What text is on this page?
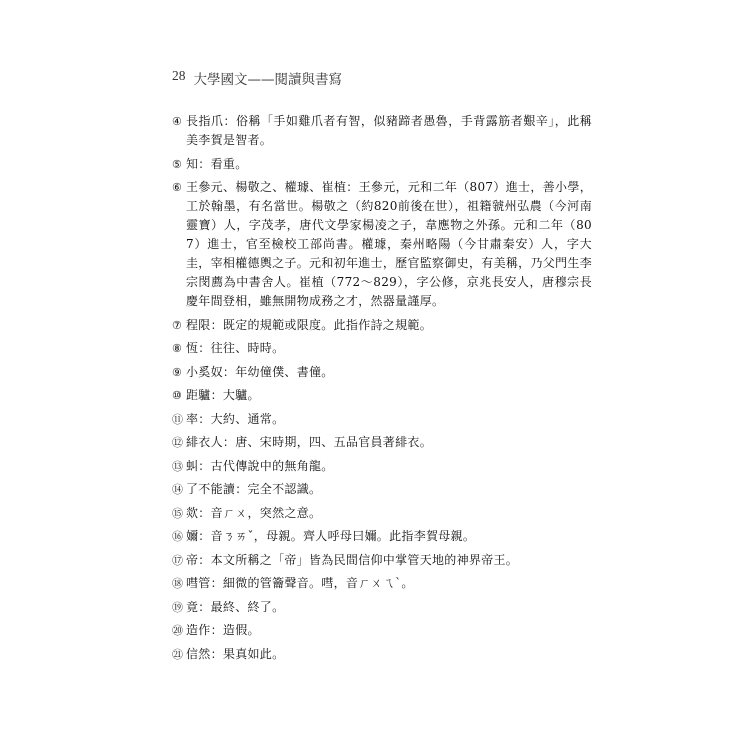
28 大學國文——閱讀與書寫
④ 長指爪：俗稱「手如雞爪者有智，似豬蹄者愚魯，手背露筋者艱辛」，此稱美李賀是智者。
⑤ 知：看重。
⑥ 王參元、楊敬之、權璩、崔植：王參元，元和二年（807）進士，善小學，工於翰墨，有名當世。楊敬之（約820前後在世），祖籍虢州弘農（今河南靈寶）人，字茂孝，唐代文學家楊凌之子，韋應物之外孫。元和二年（807）進士，官至檢校工部尚書。權璩，秦州略陽（今甘肅秦安）人，字大圭，宰相權德輿之子。元和初年進士，歷官監察御史，有美稱，乃父門生李宗閔薦為中書舍人。崔植（772～829），字公修，京兆長安人，唐穆宗長慶年間登相，雖無開物成務之才，然器量謹厚。
⑦ 程限：既定的規範或限度。此指作詩之規範。
⑧ 恆：往往、時時。
⑨ 小奚奴：年幼僮僕、書僮。
⑩ 距驢：大驢。
⑪ 率：大約、通常。
⑫ 緋衣人：唐、宋時期，四、五品官員著緋衣。
⑬ 虯：古代傳說中的無角龍。
⑭ 了不能讀：完全不認識。
⑮ 欻：音ㄏㄨ，突然之意。
⑯ 嬭：音ㄋㄞˇ，母親。齊人呼母曰嬭。此指李賀母親。
⑰ 帝：本文所稱之「帝」皆為民間信仰中掌管天地的神界帝王。
⑱ 嘒管：細微的管籥聲音。嘒，音ㄏㄨㄟˋ。
⑲ 竟：最終、終了。
⑳ 造作：造假。
㉑ 信然：果真如此。
